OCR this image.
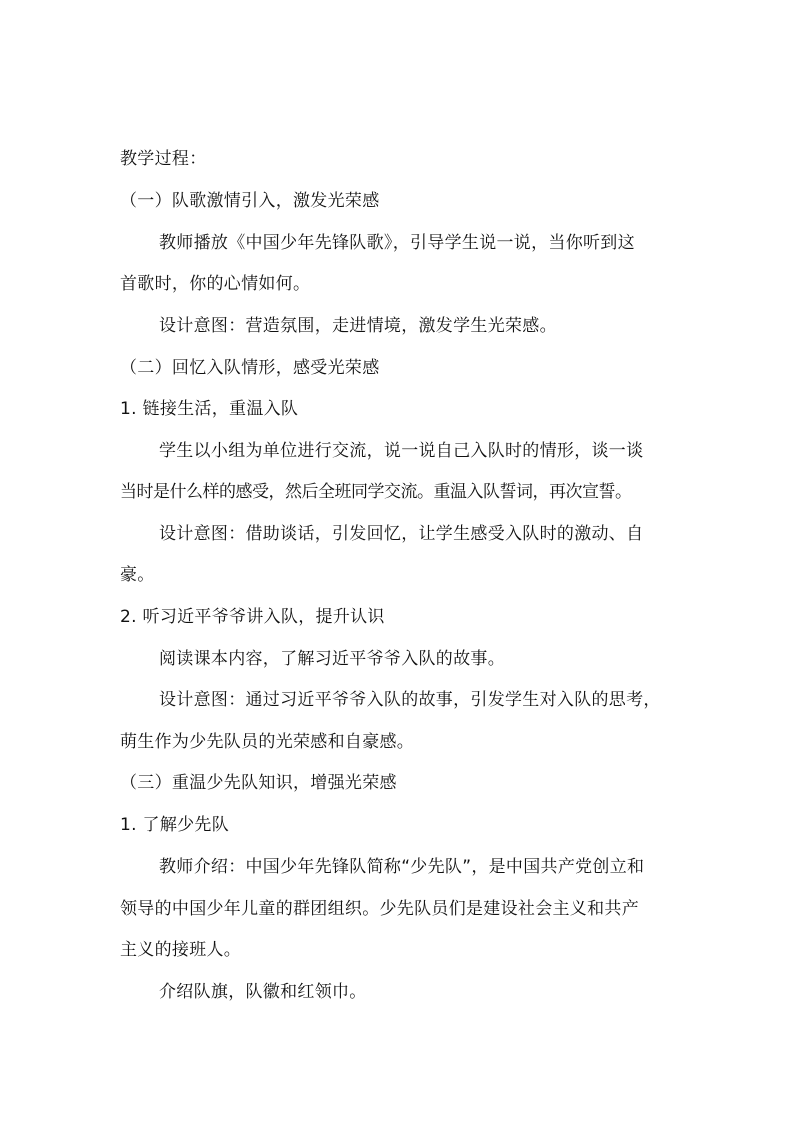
教学过程：
（一）队歌激情引入，激发光荣感
教师播放《中国少年先锋队歌》，引导学生说一说，当你听到这
首歌时，你的心情如何。
设计意图：营造氛围，走进情境，激发学生光荣感。
（二）回忆入队情形，感受光荣感
1. 链接生活，重温入队
学生以小组为单位进行交流，说一说自己入队时的情形，谈一谈
当时是什么样的感受，然后全班同学交流。重温入队誓词，再次宣誓。
设计意图：借助谈话，引发回忆，让学生感受入队时的激动、自
豪。
2. 听习近平爷爷讲入队，提升认识
阅读课本内容，了解习近平爷爷入队的故事。
设计意图：通过习近平爷爷入队的故事，引发学生对入队的思考，
萌生作为少先队员的光荣感和自豪感。
（三）重温少先队知识，增强光荣感
1. 了解少先队
教师介绍：中国少年先锋队简称“少先队”，是中国共产党创立和
领导的中国少年儿童的群团组织。少先队员们是建设社会主义和共产
主义的接班人。
介绍队旗，队徽和红领巾。
